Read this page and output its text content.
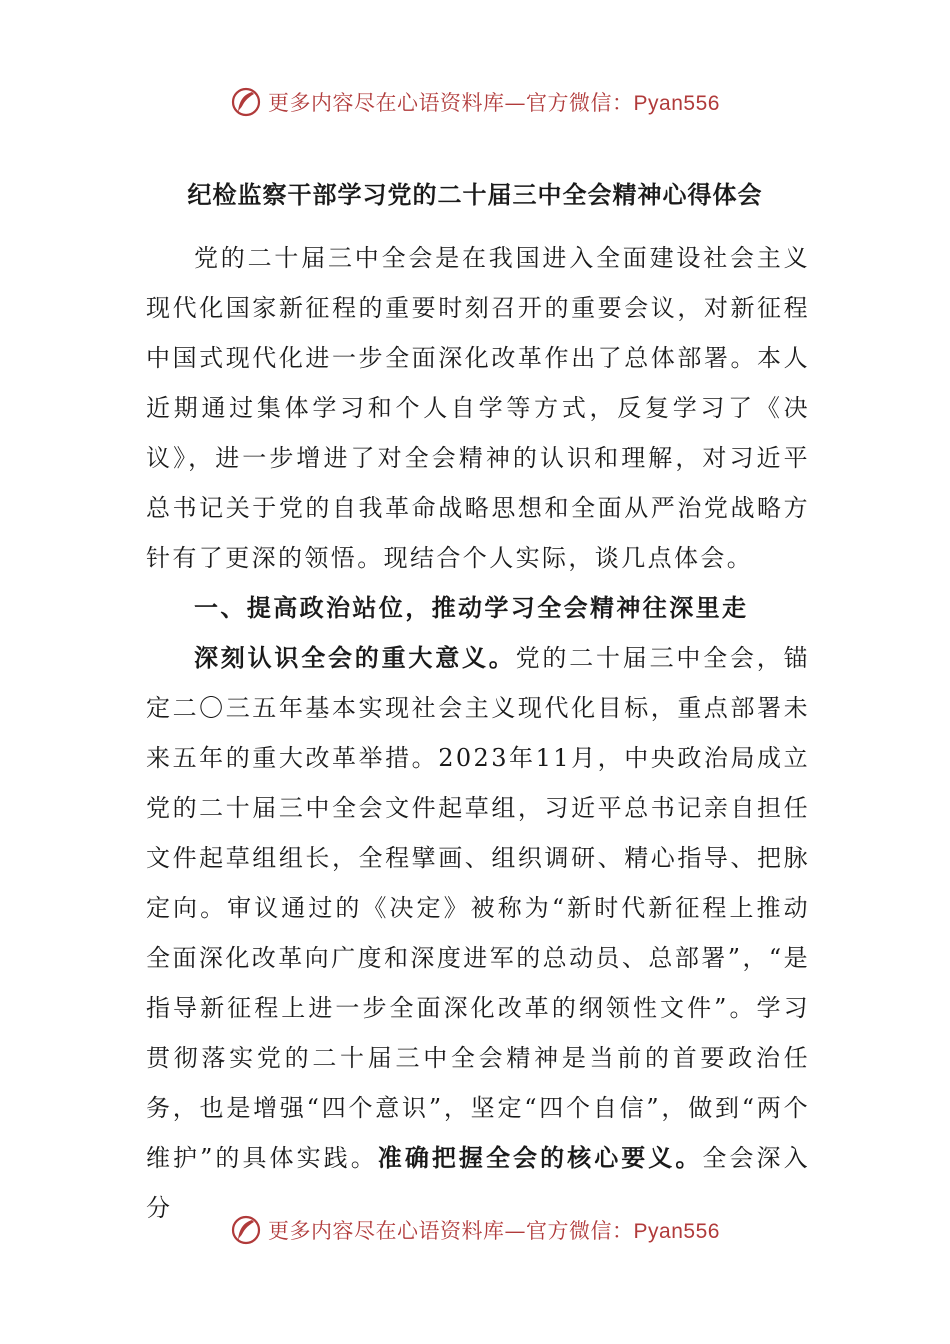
更多内容尽在心语资料库—官方微信：Pyan556
纪检监察干部学习党的二十届三中全会精神心得体会

党的二十届三中全会是在我国进入全面建设社会主义现代化国家新征程的重要时刻召开的重要会议，对新征程中国式现代化进一步全面深化改革作出了总体部署。本人近期通过集体学习和个人自学等方式，反复学习了《决议》，进一步增进了对全会精神的认识和理解，对习近平总书记关于党的自我革命战略思想和全面从严治党战略方针有了更深的领悟。现结合个人实际，谈几点体会。

一、提高政治站位，推动学习全会精神往深里走

深刻认识全会的重大意义。党的二十届三中全会，锚定二〇三五年基本实现社会主义现代化目标，重点部署未来五年的重大改革举措。2023年11月，中央政治局成立党的二十届三中全会文件起草组，习近平总书记亲自担任文件起草组组长，全程擘画、组织调研、精心指导、把脉定向。审议通过的《决定》被称为“新时代新征程上推动全面深化改革向广度和深度进军的总动员、总部署”，“是指导新征程上进一步全面深化改革的纲领性文件”。学习贯彻落实党的二十届三中全会精神是当前的首要政治任务，也是增强“四个意识”，坚定“四个自信”，做到“两个维护”的具体实践。准确把握全会的核心要义。全会深入分

更多内容尽在心语资料库—官方微信：Pyan556
